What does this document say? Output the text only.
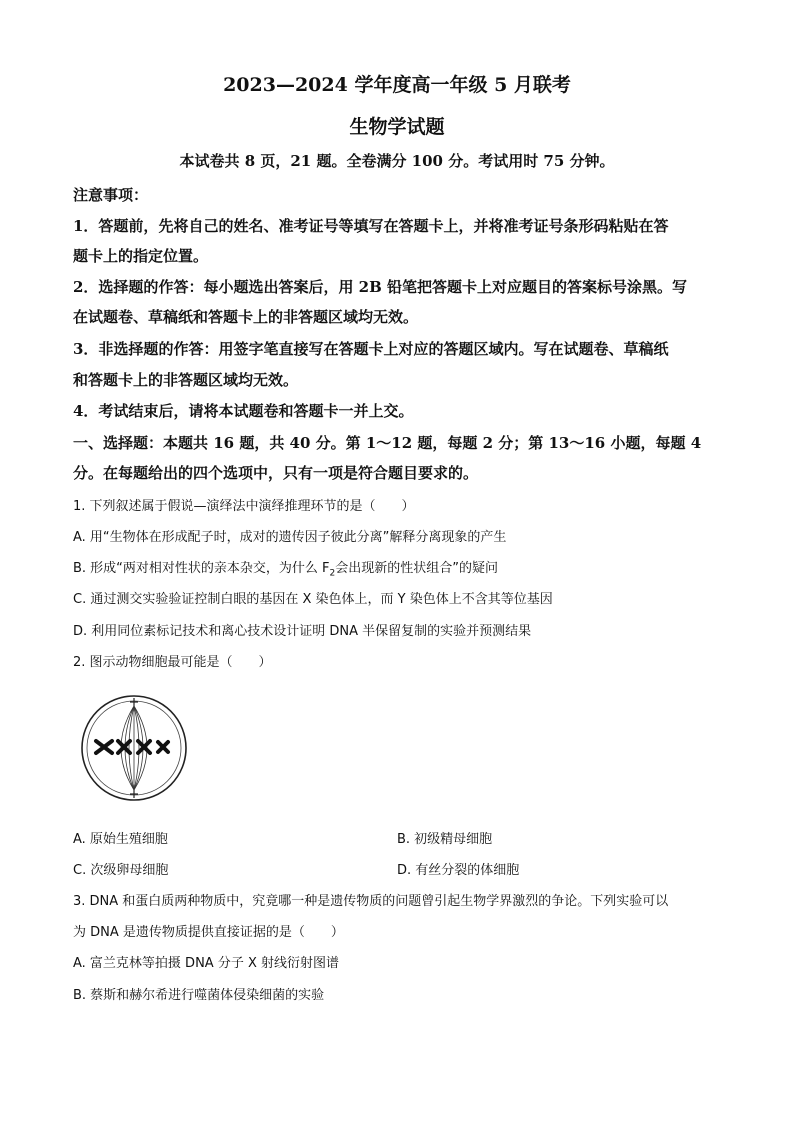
2023—2024 学年度高一年级 5 月联考
生物学试题
本试卷共 8 页，21 题。全卷满分 100 分。考试用时 75 分钟。
注意事项：
1．答题前，先将自己的姓名、准考证号等填写在答题卡上，并将准考证号条形码粘贴在答
题卡上的指定位置。
2．选择题的作答：每小题选出答案后，用 2B 铅笔把答题卡上对应题目的答案标号涂黑。写
在试题卷、草稿纸和答题卡上的非答题区域均无效。
3．非选择题的作答：用签字笔直接写在答题卡上对应的答题区域内。写在试题卷、草稿纸
和答题卡上的非答题区域均无效。
4．考试结束后，请将本试题卷和答题卡一并上交。
一、选择题：本题共 16 题，共 40 分。第 1～12 题，每题 2 分；第 13～16 小题，每题 4
分。在每题给出的四个选项中，只有一项是符合题目要求的。
1. 下列叙述属于假说—演绎法中演绎推理环节的是（　　）
A. 用“生物体在形成配子时，成对的遗传因子彼此分离”解释分离现象的产生
B. 形成“两对相对性状的亲本杂交，为什么 $F_2$会出现新的性状组合”的疑问
C. 通过测交实验验证控制白眼的基因在 X 染色体上，而 Y 染色体上不含其等位基因
D. 利用同位素标记技术和离心技术设计证明 DNA 半保留复制的实验并预测结果
2. 图示动物细胞最可能是（　　）
A. 原始生殖细胞	B. 初级精母细胞
C. 次级卵母细胞	D. 有丝分裂的体细胞
3. DNA 和蛋白质两种物质中，究竟哪一种是遗传物质的问题曾引起生物学界激烈的争论。下列实验可以
为 DNA 是遗传物质提供直接证据的是（　　）
A. 富兰克林等拍摄 DNA 分子 X 射线衍射图谱
B. 蔡斯和赫尔希进行噬菌体侵染细菌的实验
